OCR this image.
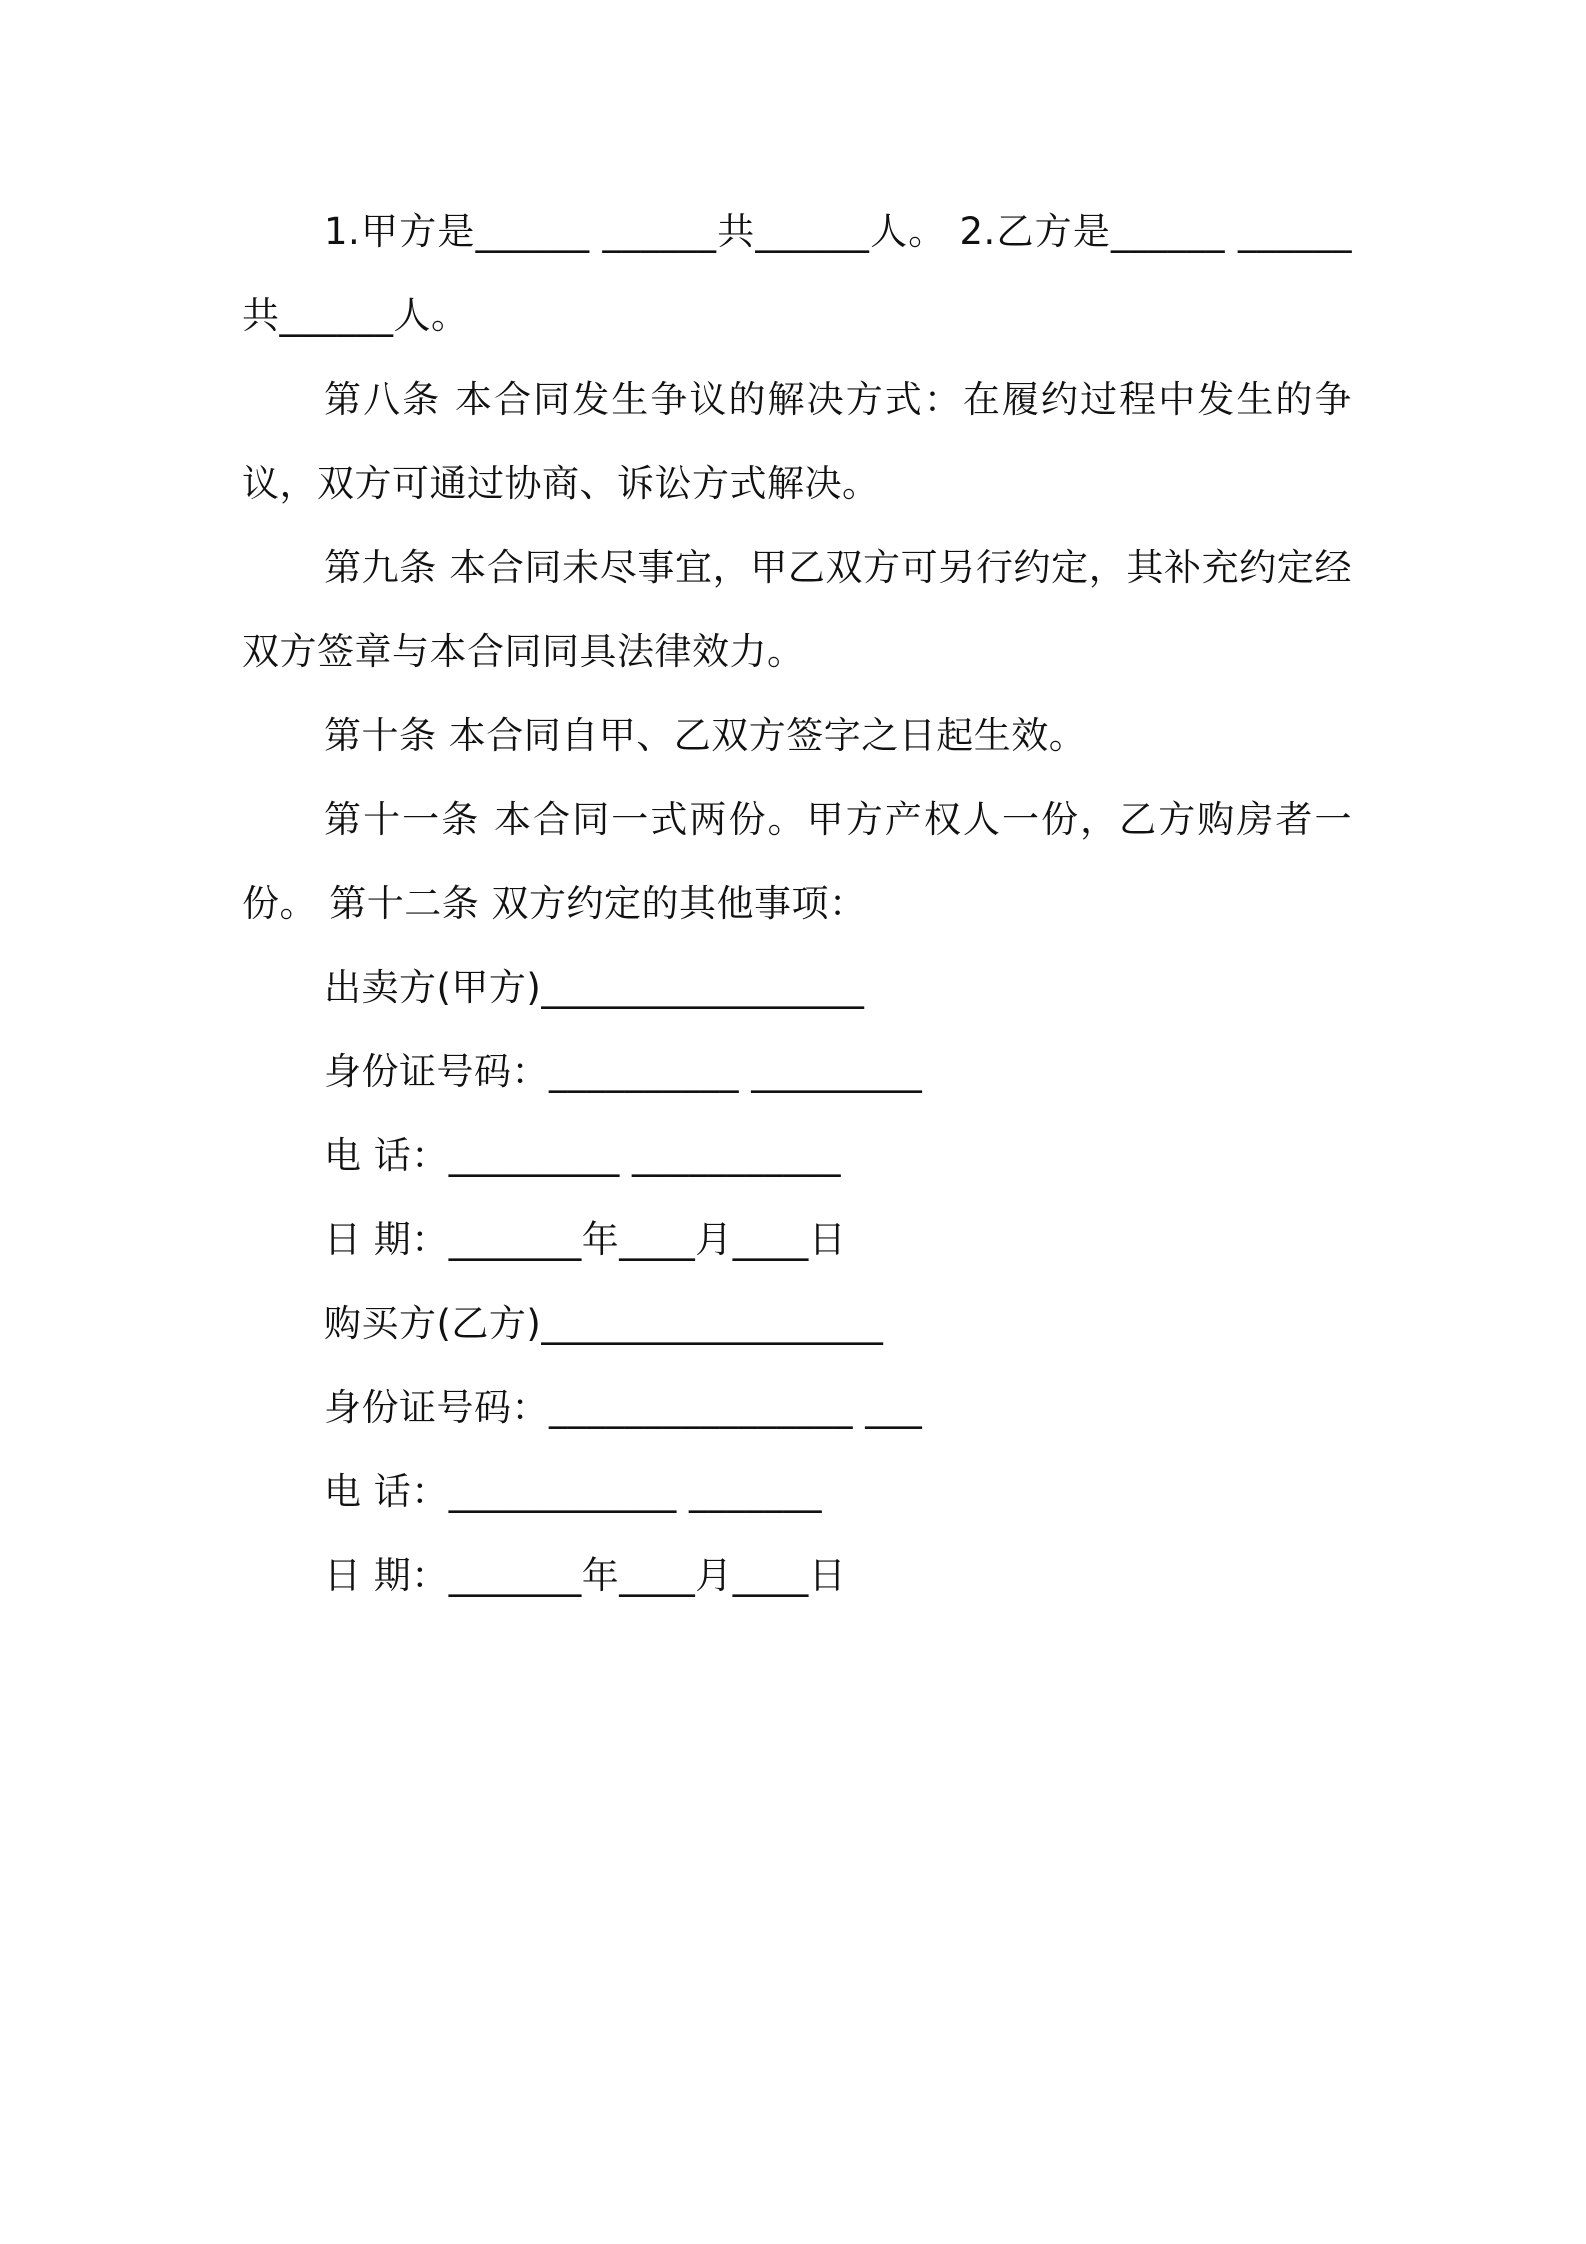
1.甲方是______ ______共______人。 2.乙方是______ ______共______人。

第八条 本合同发生争议的解决方式：在履约过程中发生的争议，双方可通过协商、诉讼方式解决。

第九条 本合同未尽事宜，甲乙双方可另行约定，其补充约定经双方签章与本合同同具法律效力。

第十条 本合同自甲、乙双方签字之日起生效。

第十一条 本合同一式两份。甲方产权人一份，乙方购房者一份。 第十二条 双方约定的其他事项：

出卖方(甲方)_________________

身份证号码：__________ _________

电 话：_________ ___________

日 期：_______年____月____日

购买方(乙方)__________________

身份证号码：________________ ___

电 话：____________ _______

日 期：_______年____月____日
